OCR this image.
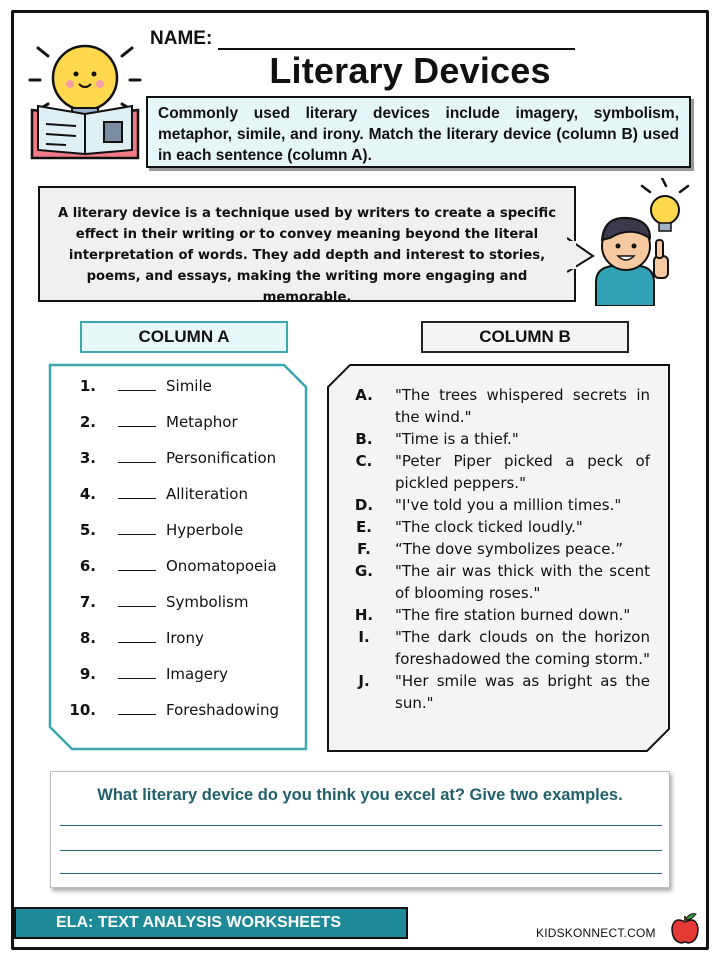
NAME:
Literary Devices
Commonly used literary devices include imagery, symbolism, metaphor, simile, and irony. Match the literary device (column B) used in each sentence (column A).
A literary device is a technique used by writers to create a specific effect in their writing or to convey meaning beyond the literal interpretation of words. They add depth and interest to stories, poems, and essays, making the writing more engaging and memorable.
COLUMN A	COLUMN B
1.	Simile
2.	Metaphor
3.	Personification
4.	Alliteration
5.	Hyperbole
6.	Onomatopoeia
7.	Symbolism
8.	Irony
9.	Imagery
10.	Foreshadowing
A.	"The trees whispered secrets in the wind."
B.	"Time is a thief."
C.	"Peter Piper picked a peck of pickled peppers."
D.	"I've told you a million times."
E.	"The clock ticked loudly."
F.	“The dove symbolizes peace.”
G.	"The air was thick with the scent of blooming roses."
H.	"The fire station burned down."
I.	"The dark clouds on the horizon foreshadowed the coming storm."
J.	"Her smile was as bright as the sun."
What literary device do you think you excel at? Give two examples.
ELA: TEXT ANALYSIS WORKSHEETS
KIDSKONNECT.COM
